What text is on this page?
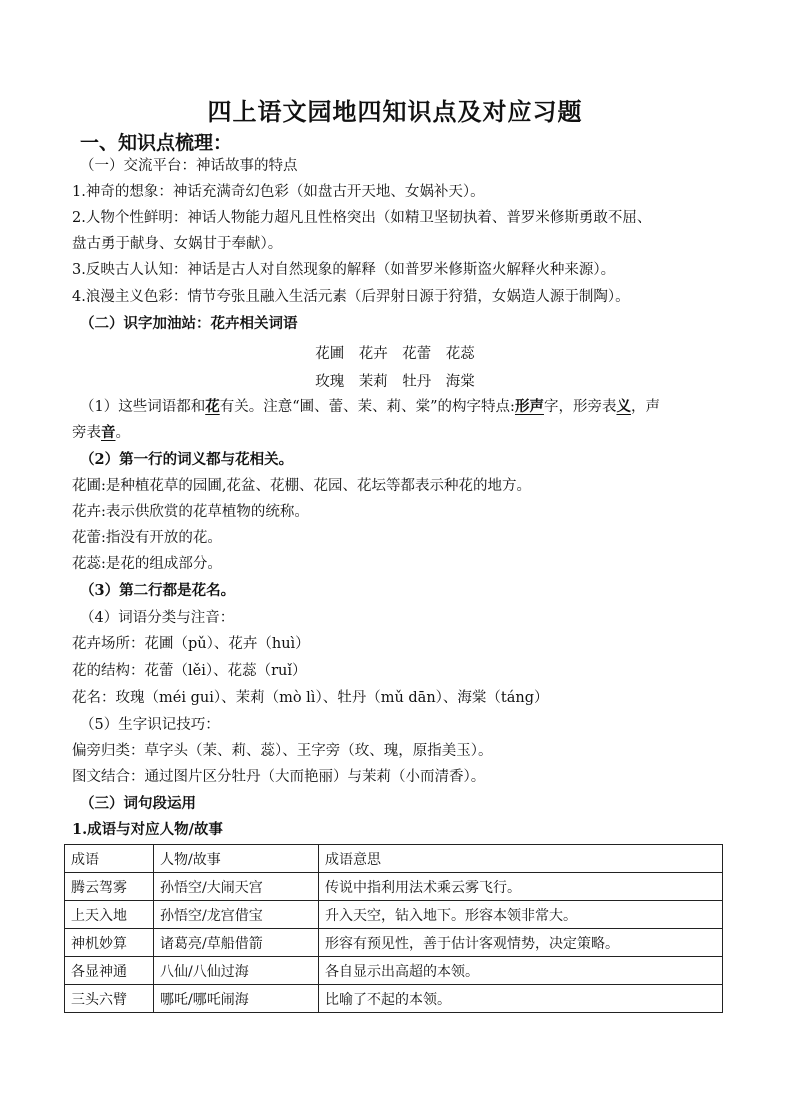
四上语文园地四知识点及对应习题
一、知识点梳理：
（一）交流平台：神话故事的特点
1.神奇的想象：神话充满奇幻色彩（如盘古开天地、女娲补天）。
2.人物个性鲜明：神话人物能力超凡且性格突出（如精卫坚韧执着、普罗米修斯勇敢不屈、
盘古勇于献身、女娲甘于奉献）。
3.反映古人认知：神话是古人对自然现象的解释（如普罗米修斯盗火解释火种来源）。
4.浪漫主义色彩：情节夸张且融入生活元素（后羿射日源于狩猎，女娲造人源于制陶）。
（二）识字加油站：花卉相关词语
花圃　花卉　花蕾　花蕊
玫瑰　茉莉　牡丹　海棠
（1）这些词语都和花有关。注意“圃、蕾、茉、莉、棠”的构字特点:形声字，形旁表义，声
旁表音。
（2）第一行的词义都与花相关。
花圃:是种植花草的园圃,花盆、花棚、花园、花坛等都表示种花的地方。
花卉:表示供欣赏的花草植物的统称。
花蕾:指没有开放的花。
花蕊:是花的组成部分。
（3）第二行都是花名。
（4）词语分类与注音：
花卉场所：花圃（pǔ）、花卉（huì）
花的结构：花蕾（lěi）、花蕊（ruǐ）
花名：玫瑰（méi gui）、茉莉（mò lì）、牡丹（mǔ dān）、海棠（táng）
（5）生字识记技巧：
偏旁归类：草字头（茉、莉、蕊）、王字旁（玫、瑰，原指美玉）。
图文结合：通过图片区分牡丹（大而艳丽）与茉莉（小而清香）。
（三）词句段运用
1.成语与对应人物/故事
成语	人物/故事	成语意思
腾云驾雾	孙悟空/大闹天宫	传说中指利用法术乘云雾飞行。
上天入地	孙悟空/龙宫借宝	升入天空，钻入地下。形容本领非常大。
神机妙算	诸葛亮/草船借箭	形容有预见性，善于估计客观情势，决定策略。
各显神通	八仙/八仙过海	各自显示出高超的本领。
三头六臂	哪吒/哪吒闹海	比喻了不起的本领。
